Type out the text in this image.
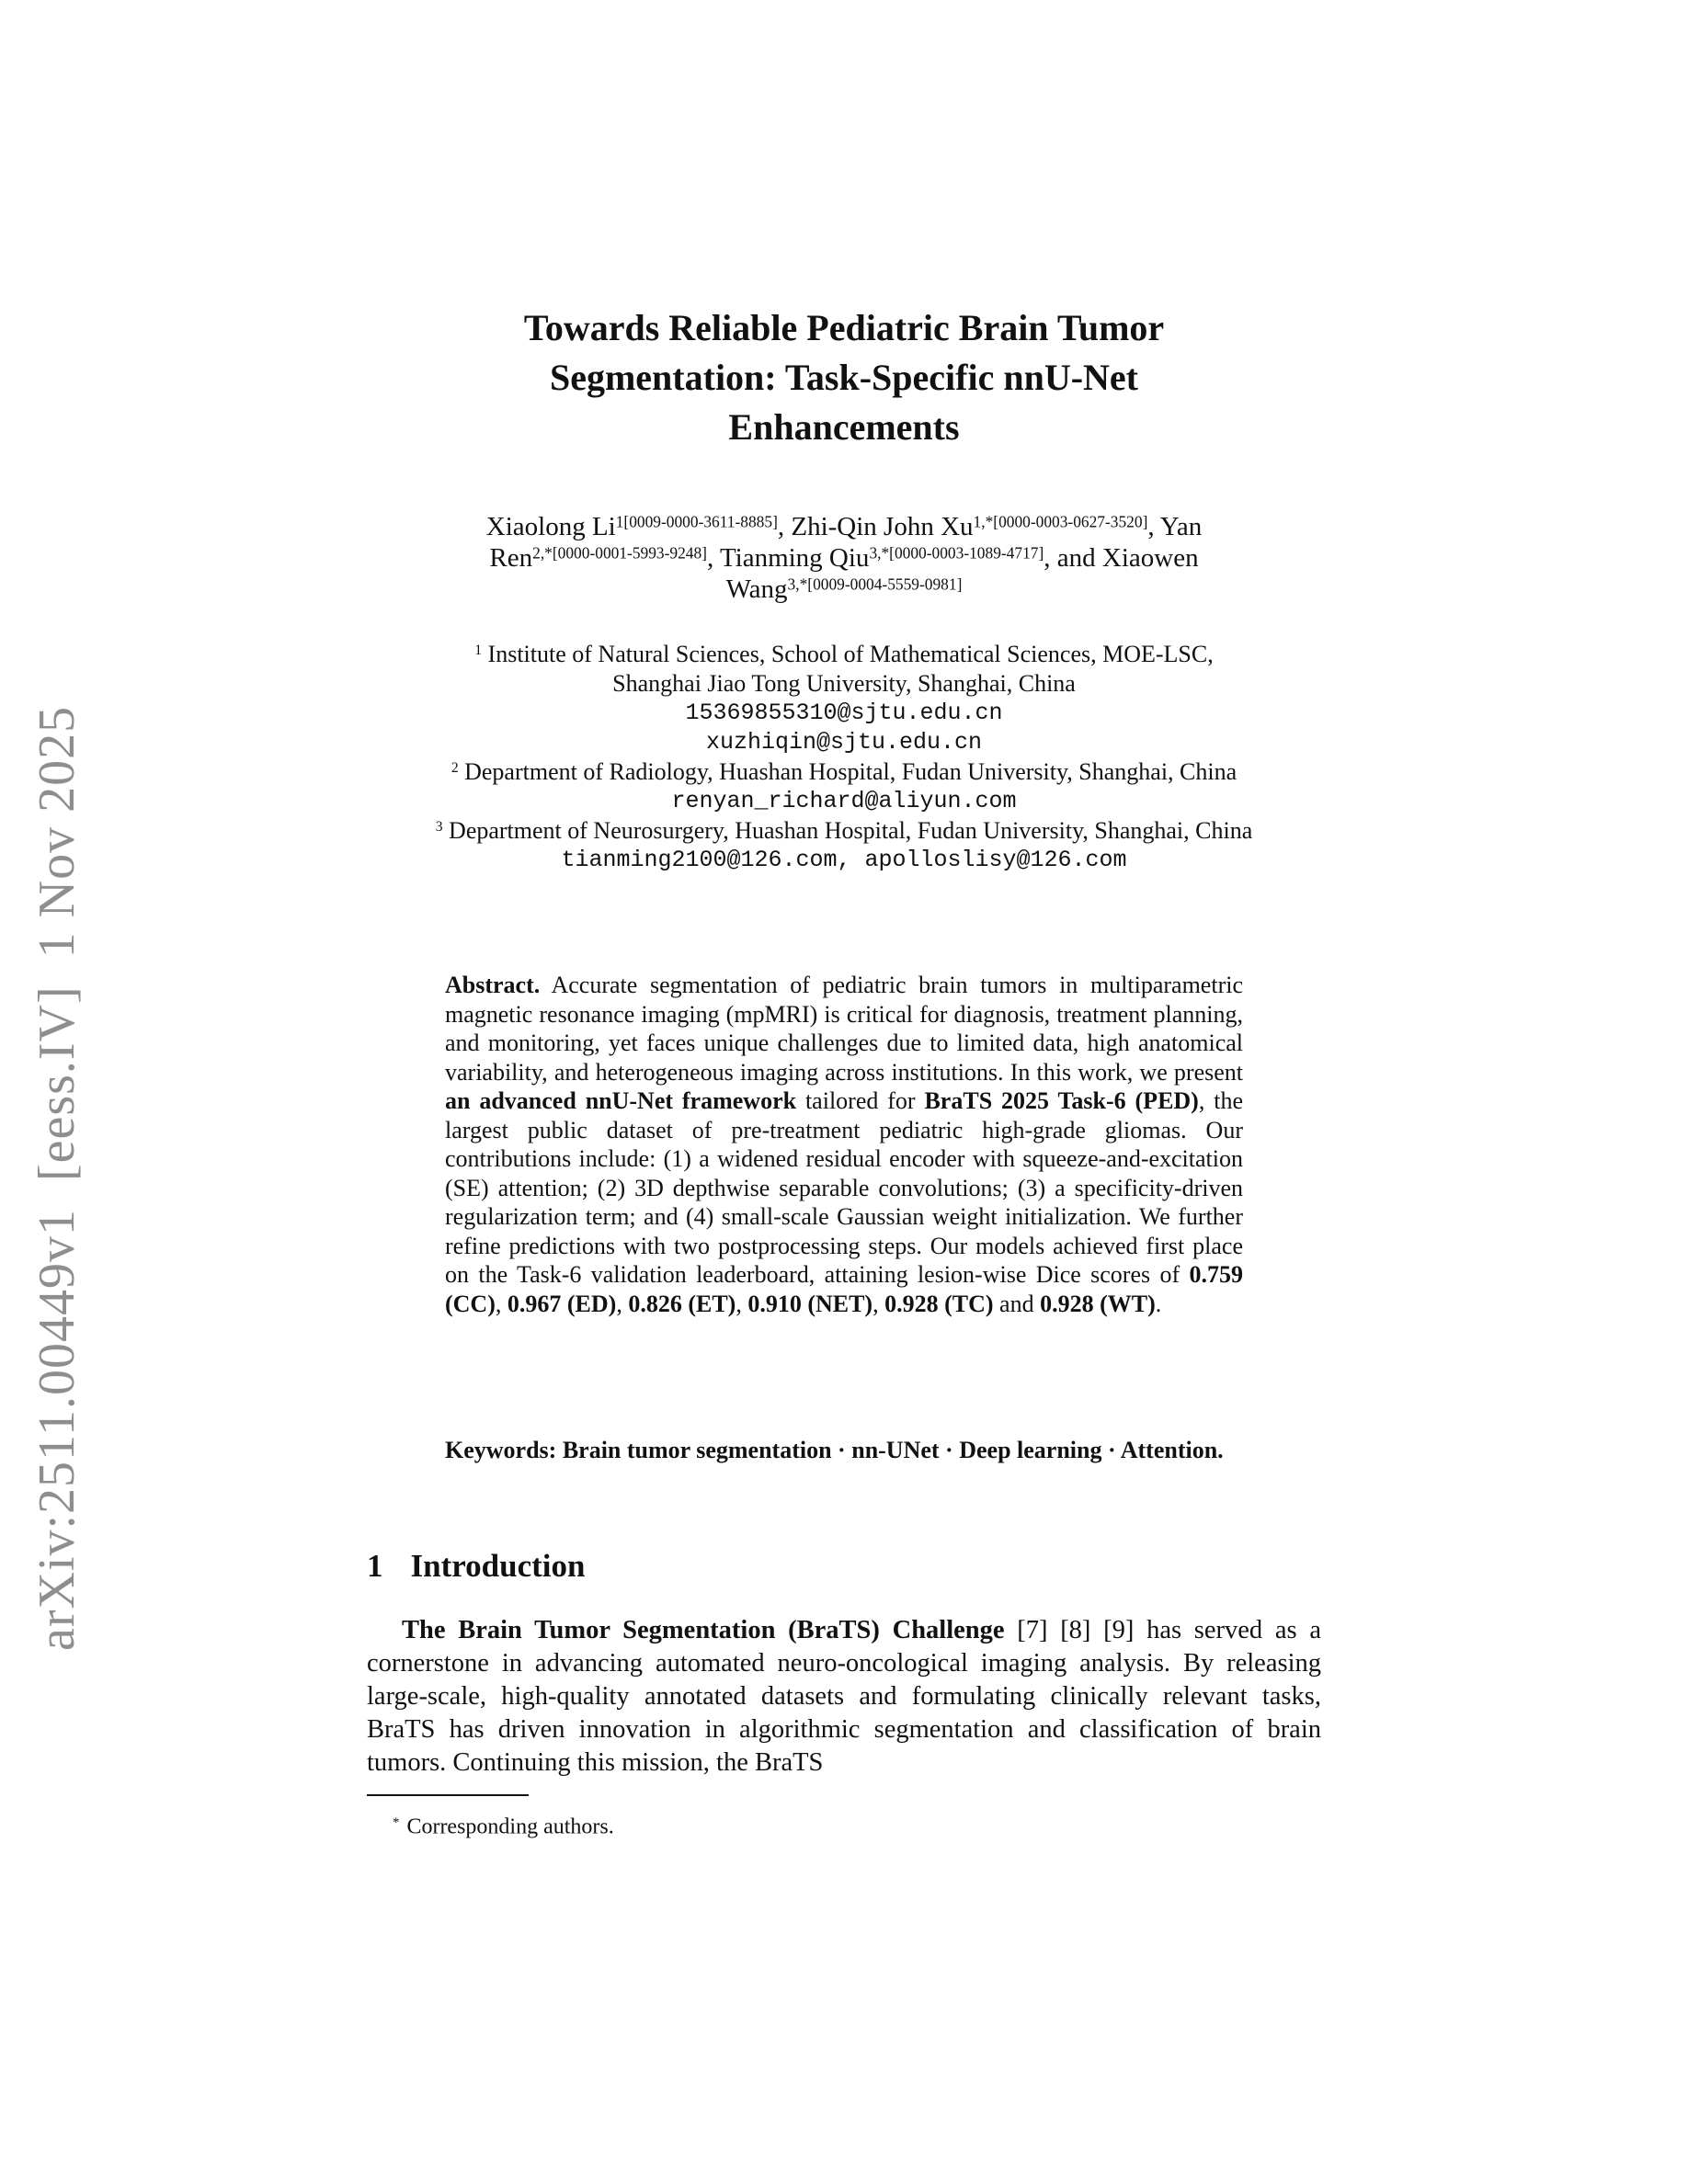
arXiv:2511.00449v1  [eess.IV]  1 Nov 2025
Towards Reliable Pediatric Brain Tumor
Segmentation: Task-Specific nnU-Net
Enhancements
Xiaolong $Li^{1[0009-0000-3611-8885]}$, Zhi-Qin John $Xu^{1,*[0000-0003-0627-3520]}$, Yan
Ren$^{2,*[0000-0001-5993-9248]}$, Tianming Qiu$^{3,*[0000-0003-1089-4717]}$, and Xiaowen
Wang$^{3,*[0009-0004-5559-0981]}$
$^1$ Institute of Natural Sciences, School of Mathematical Sciences, MOE-LSC,
Shanghai Jiao Tong University, Shanghai, China
15369855310@sjtu.edu.cn
xuzhiqin@sjtu.edu.cn
$^2$ Department of Radiology, Huashan Hospital, Fudan University, Shanghai, China
renyan_richard@aliyun.com
$^3$ Department of Neurosurgery, Huashan Hospital, Fudan University, Shanghai, China
tianming2100@126.com, apolloslisy@126.com

Abstract. Accurate segmentation of pediatric brain tumors in multiparametric magnetic resonance imaging (mpMRI) is critical for diagnosis, treatment planning, and monitoring, yet faces unique challenges due to limited data, high anatomical variability, and heterogeneous imaging across institutions. In this work, we present an advanced nnU-Net framework tailored for BraTS 2025 Task-6 (PED), the largest public dataset of pre-treatment pediatric high-grade gliomas. Our contributions include: (1) a widened residual encoder with squeeze-and-excitation (SE) attention; (2) 3D depthwise separable convolutions; (3) a specificity-driven regularization term; and (4) small-scale Gaussian weight initialization. We further refine predictions with two postprocessing steps. Our models achieved first place on the Task-6 validation leaderboard, attaining lesion-wise Dice scores of 0.759 (CC), 0.967 (ED), 0.826 (ET), 0.910 (NET), 0.928 (TC) and 0.928 (WT).

Keywords: Brain tumor segmentation · nn-UNet · Deep learning · Attention.

1 Introduction

The Brain Tumor Segmentation (BraTS) Challenge [7] [8] [9] has served as a cornerstone in advancing automated neuro-oncological imaging analysis. By releasing large-scale, high-quality annotated datasets and formulating clinically relevant tasks, BraTS has driven innovation in algorithmic segmentation and classification of brain tumors. Continuing this mission, the BraTS

* Corresponding authors.
